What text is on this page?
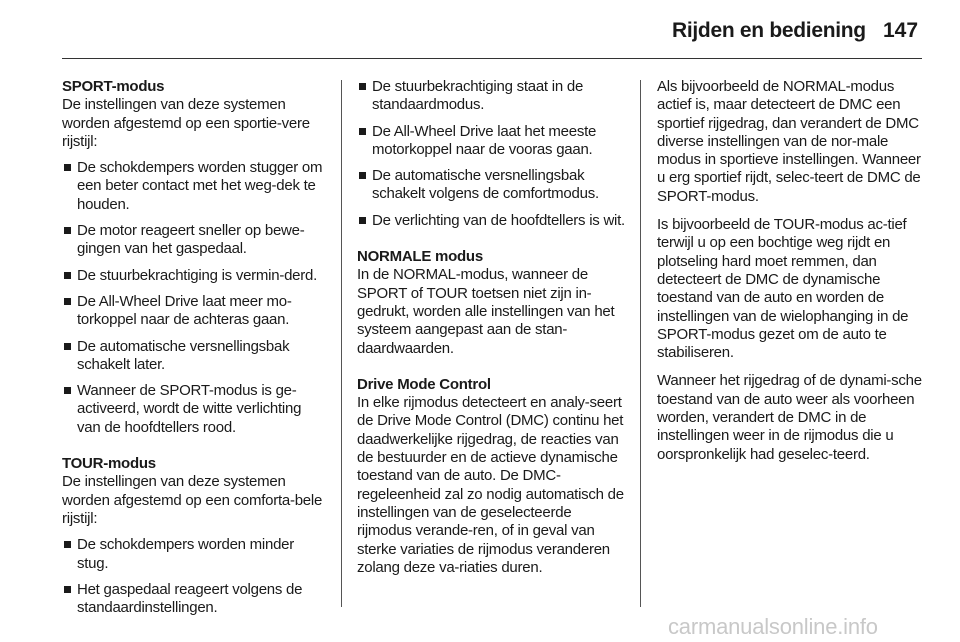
Rijden en bediening 147

SPORT-modus

De instellingen van deze systemen worden afgestemd op een sportie-vere rijstijl:

De schokdempers worden stugger om een beter contact met het weg-dek te houden.
De motor reageert sneller op bewe-gingen van het gaspedaal.
De stuurbekrachtiging is vermin-derd.
De All-Wheel Drive laat meer mo-torkoppel naar de achteras gaan.
De automatische versnellingsbak schakelt later.
Wanneer de SPORT-modus is ge-activeerd, wordt de witte verlichting van de hoofdtellers rood.

TOUR-modus

De instellingen van deze systemen worden afgestemd op een comforta-bele rijstijl:

De schokdempers worden minder stug.
Het gaspedaal reageert volgens de standaardinstellingen.
De stuurbekrachtiging staat in de standaardmodus.
De All-Wheel Drive laat het meeste motorkoppel naar de vooras gaan.
De automatische versnellingsbak schakelt volgens de comfortmodus.
De verlichting van de hoofdtellers is wit.

NORMALE modus

In de NORMAL-modus, wanneer de SPORT of TOUR toetsen niet zijn in-gedrukt, worden alle instellingen van het systeem aangepast aan de stan-daardwaarden.

Drive Mode Control

In elke rijmodus detecteert en analy-seert de Drive Mode Control (DMC) continu het daadwerkelijke rijgedrag, de reacties van de bestuurder en de actieve dynamische toestand van de auto. De DMC-regeleenheid zal zo nodig automatisch de instellingen van de geselecteerde rijmodus verande-ren, of in geval van sterke variaties de rijmodus veranderen zolang deze va-riaties duren.

Als bijvoorbeeld de NORMAL-modus actief is, maar detecteert de DMC een sportief rijgedrag, dan verandert de DMC diverse instellingen van de nor-male modus in sportieve instellingen. Wanneer u erg sportief rijdt, selec-teert de DMC de SPORT-modus.

Is bijvoorbeeld de TOUR-modus ac-tief terwijl u op een bochtige weg rijdt en plotseling hard moet remmen, dan detecteert de DMC de dynamische toestand van de auto en worden de instellingen van de wielophanging in de SPORT-modus gezet om de auto te stabiliseren.

Wanneer het rijgedrag of de dynami-sche toestand van de auto weer als voorheen worden, verandert de DMC in de instellingen weer in de rijmodus die u oorspronkelijk had geselec-teerd.

carmanualsonline.info
